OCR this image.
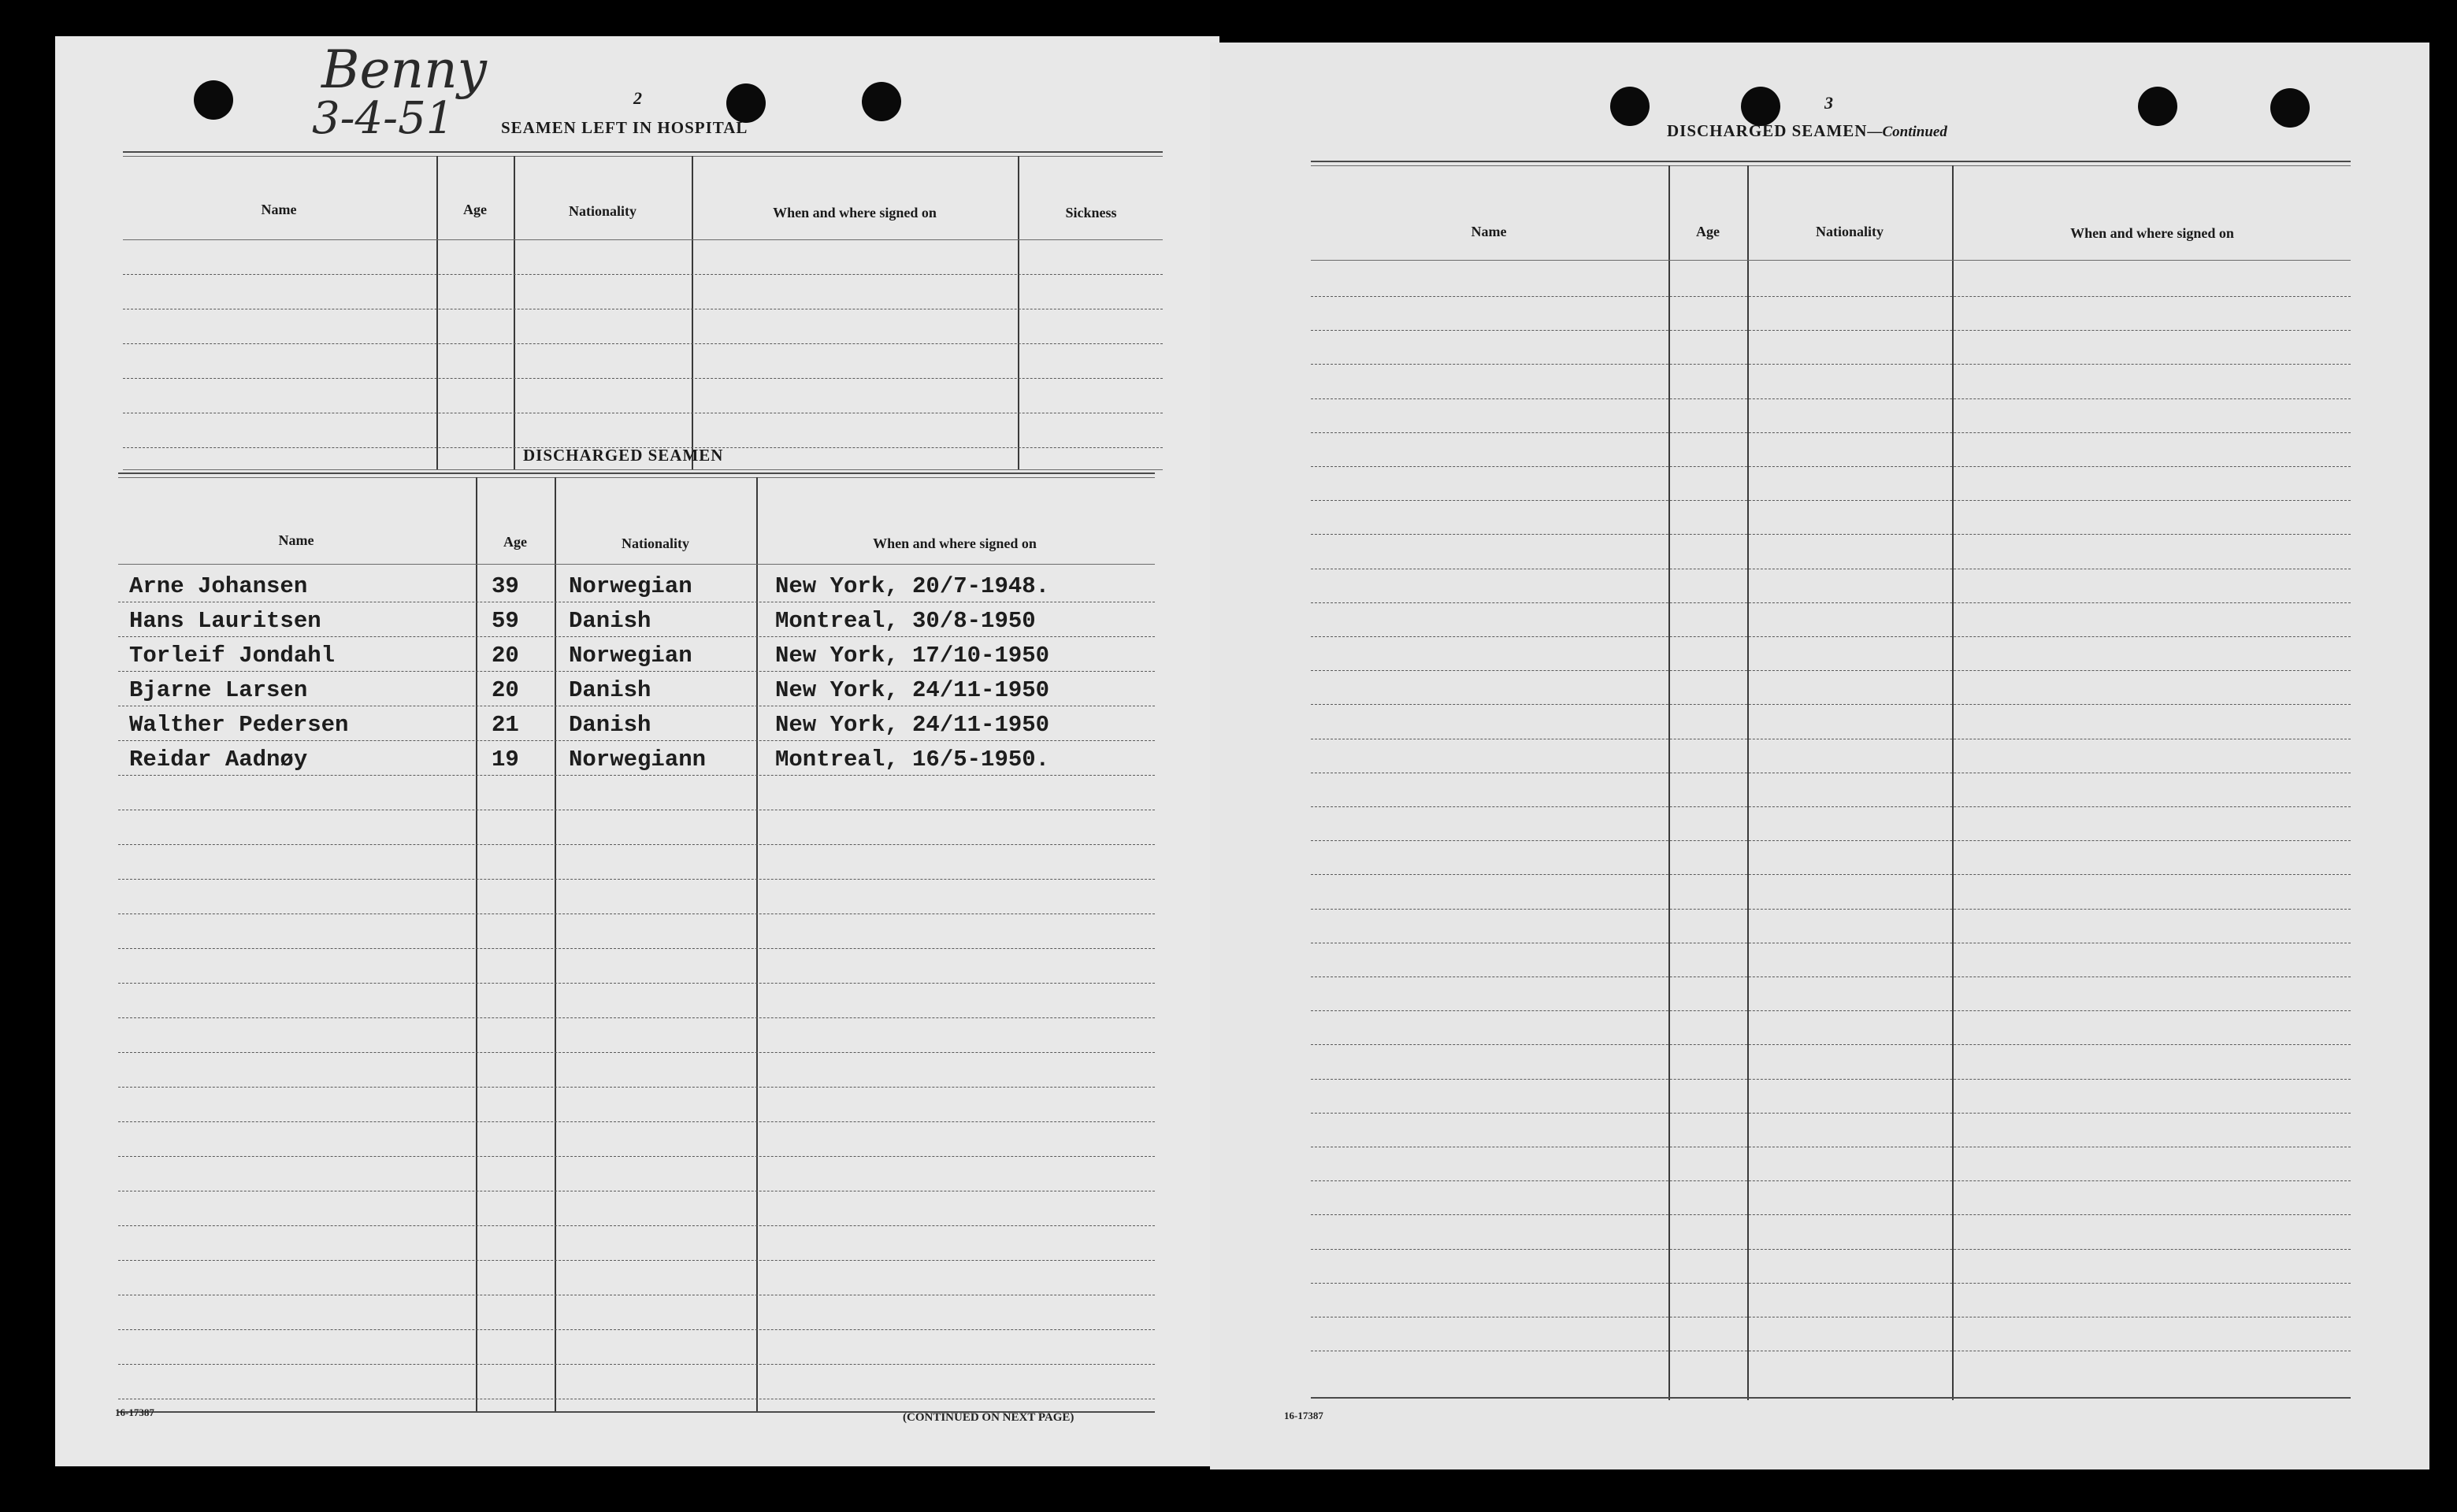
Benny
3-4-51	2
SEAMEN LEFT IN HOSPITAL
Name	Age	Nationality	When and where signed on	Sickness
DISCHARGED SEAMEN
Name	Age	Nationality	When and where signed on
Arne Johansen	39 Norwegian	New York, 20/7-1948.
Hans Lauritsen	59 Danish	Montreal, 30/8-1950
Torleif Jondahl	20 Norwegian	New York, 17/10-1950
Bjarne Larsen	20 Danish	New York, 24/11-1950
Walther Pedersen	21 Danish	New York, 24/11-1950
Reidar Aadnøy	19 Norwegiann	Montreal, 16/5-1950.
16-17387	(CONTINUED ON NEXT PAGE)
3
DISCHARGED SEAMEN—Continued
Name	Age	Nationality	When and where signed on
16-17387
